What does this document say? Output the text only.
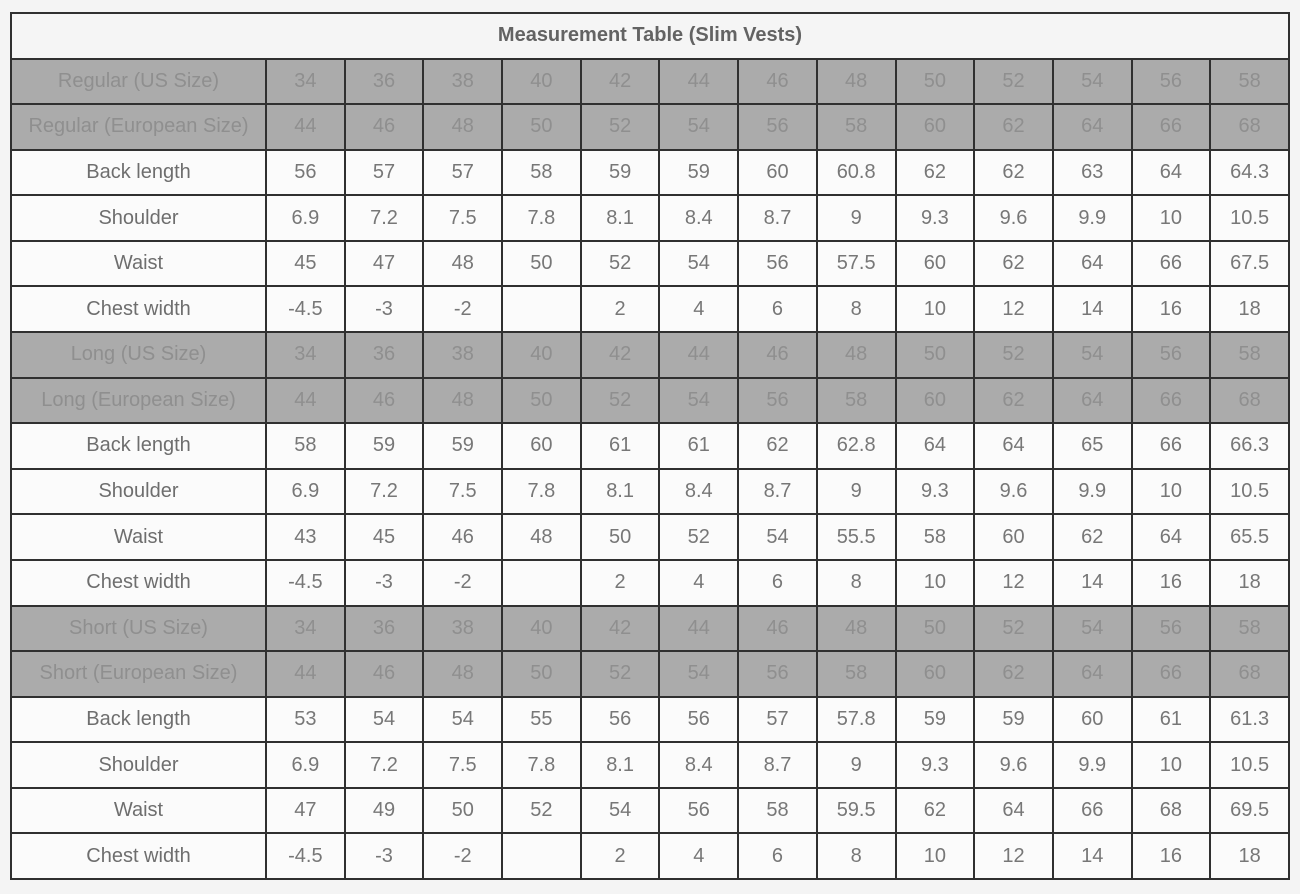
Measurement Table (Slim Vests)													
Regular (US Size)	34	36	38	40	42	44	46	48	50	52	54	56	58
Regular (European Size)	44	46	48	50	52	54	56	58	60	62	64	66	68
Back length	56	57	57	58	59	59	60	60.8	62	62	63	64	64.3
Shoulder	6.9	7.2	7.5	7.8	8.1	8.4	8.7	9	9.3	9.6	9.9	10	10.5
Waist	45	47	48	50	52	54	56	57.5	60	62	64	66	67.5
Chest width	-4.5	-3	-2		2	4	6	8	10	12	14	16	18
Long (US Size)	34	36	38	40	42	44	46	48	50	52	54	56	58
Long (European Size)	44	46	48	50	52	54	56	58	60	62	64	66	68
Back length	58	59	59	60	61	61	62	62.8	64	64	65	66	66.3
Shoulder	6.9	7.2	7.5	7.8	8.1	8.4	8.7	9	9.3	9.6	9.9	10	10.5
Waist	43	45	46	48	50	52	54	55.5	58	60	62	64	65.5
Chest width	-4.5	-3	-2		2	4	6	8	10	12	14	16	18
Short (US Size)	34	36	38	40	42	44	46	48	50	52	54	56	58
Short (European Size)	44	46	48	50	52	54	56	58	60	62	64	66	68
Back length	53	54	54	55	56	56	57	57.8	59	59	60	61	61.3
Shoulder	6.9	7.2	7.5	7.8	8.1	8.4	8.7	9	9.3	9.6	9.9	10	10.5
Waist	47	49	50	52	54	56	58	59.5	62	64	66	68	69.5
Chest width	-4.5	-3	-2		2	4	6	8	10	12	14	16	18
